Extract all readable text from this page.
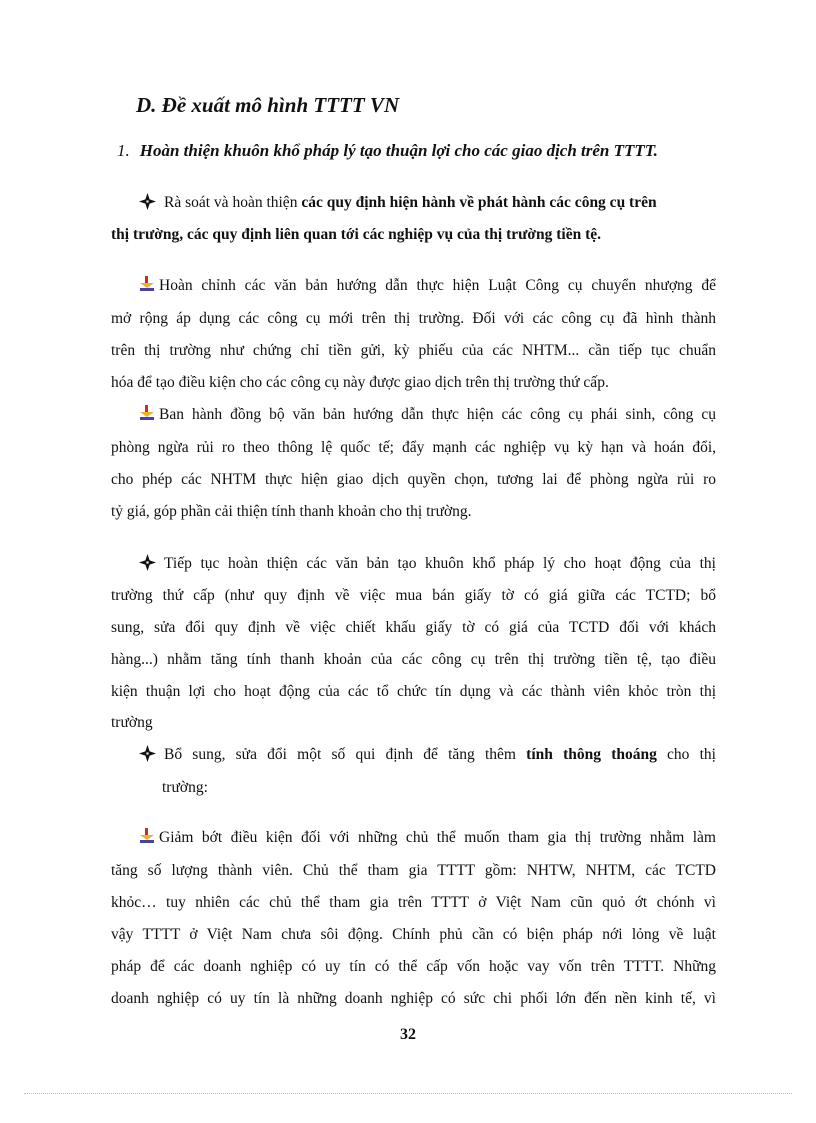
D. Đề xuất mô hình TTTT VN
1. Hoàn thiện khuôn khổ pháp lý tạo thuận lợi cho các giao dịch trên TTTT.
Rà soát và hoàn thiện các quy định hiện hành về phát hành các công cụ trên
thị trường, các quy định liên quan tới các nghiệp vụ của thị trường tiền tệ.
Hoàn chỉnh các văn bản hướng dẫn thực hiện Luật Công cụ chuyển nhượng để
mở rộng áp dụng các công cụ mới trên thị trường. Đối với các công cụ đã hình thành
trên thị trường như chứng chỉ tiền gửi, kỳ phiếu của các NHTM... cần tiếp tục chuẩn
hóa để tạo điều kiện cho các công cụ này được giao dịch trên thị trường thứ cấp.
Ban hành đồng bộ văn bản hướng dẫn thực hiện các công cụ phái sinh, công cụ
phòng ngừa rủi ro theo thông lệ quốc tế; đẩy mạnh các nghiệp vụ kỳ hạn và hoán đổi,
cho phép các NHTM thực hiện giao dịch quyền chọn, tương lai để phòng ngừa rủi ro
tỷ giá, góp phần cải thiện tính thanh khoản cho thị trường.
Tiếp tục hoàn thiện các văn bản tạo khuôn khổ pháp lý cho hoạt động của thị
trường thứ cấp (như quy định về việc mua bán giấy tờ có giá giữa các TCTD; bổ
sung, sửa đổi quy định về việc chiết khấu giấy tờ có giá của TCTD đối với khách
hàng...) nhằm tăng tính thanh khoản của các công cụ trên thị trường tiền tệ, tạo điều
kiện thuận lợi cho hoạt động của các tổ chức tín dụng và các thành viên khỏc tròn thị
trường
Bổ sung, sửa đổi một số qui định để tăng thêm tính thông thoáng cho thị
trường:
Giảm bớt điều kiện đối với những chủ thể muốn tham gia thị trường nhằm làm
tăng số lượng thành viên. Chủ thể tham gia TTTT gồm: NHTW, NHTM, các TCTD
khỏc… tuy nhiên các chủ thể tham gia trên TTTT ở Việt Nam cũn quỏ ớt chónh vì
vậy TTTT ở Việt Nam chưa sôi động. Chính phủ cần có biện pháp nới lỏng về luật
pháp để các doanh nghiệp có uy tín có thể cấp vốn hoặc vay vốn trên TTTT. Những
doanh nghiệp có uy tín là những doanh nghiệp có sức chi phối lớn đến nền kinh tế, vì
32
